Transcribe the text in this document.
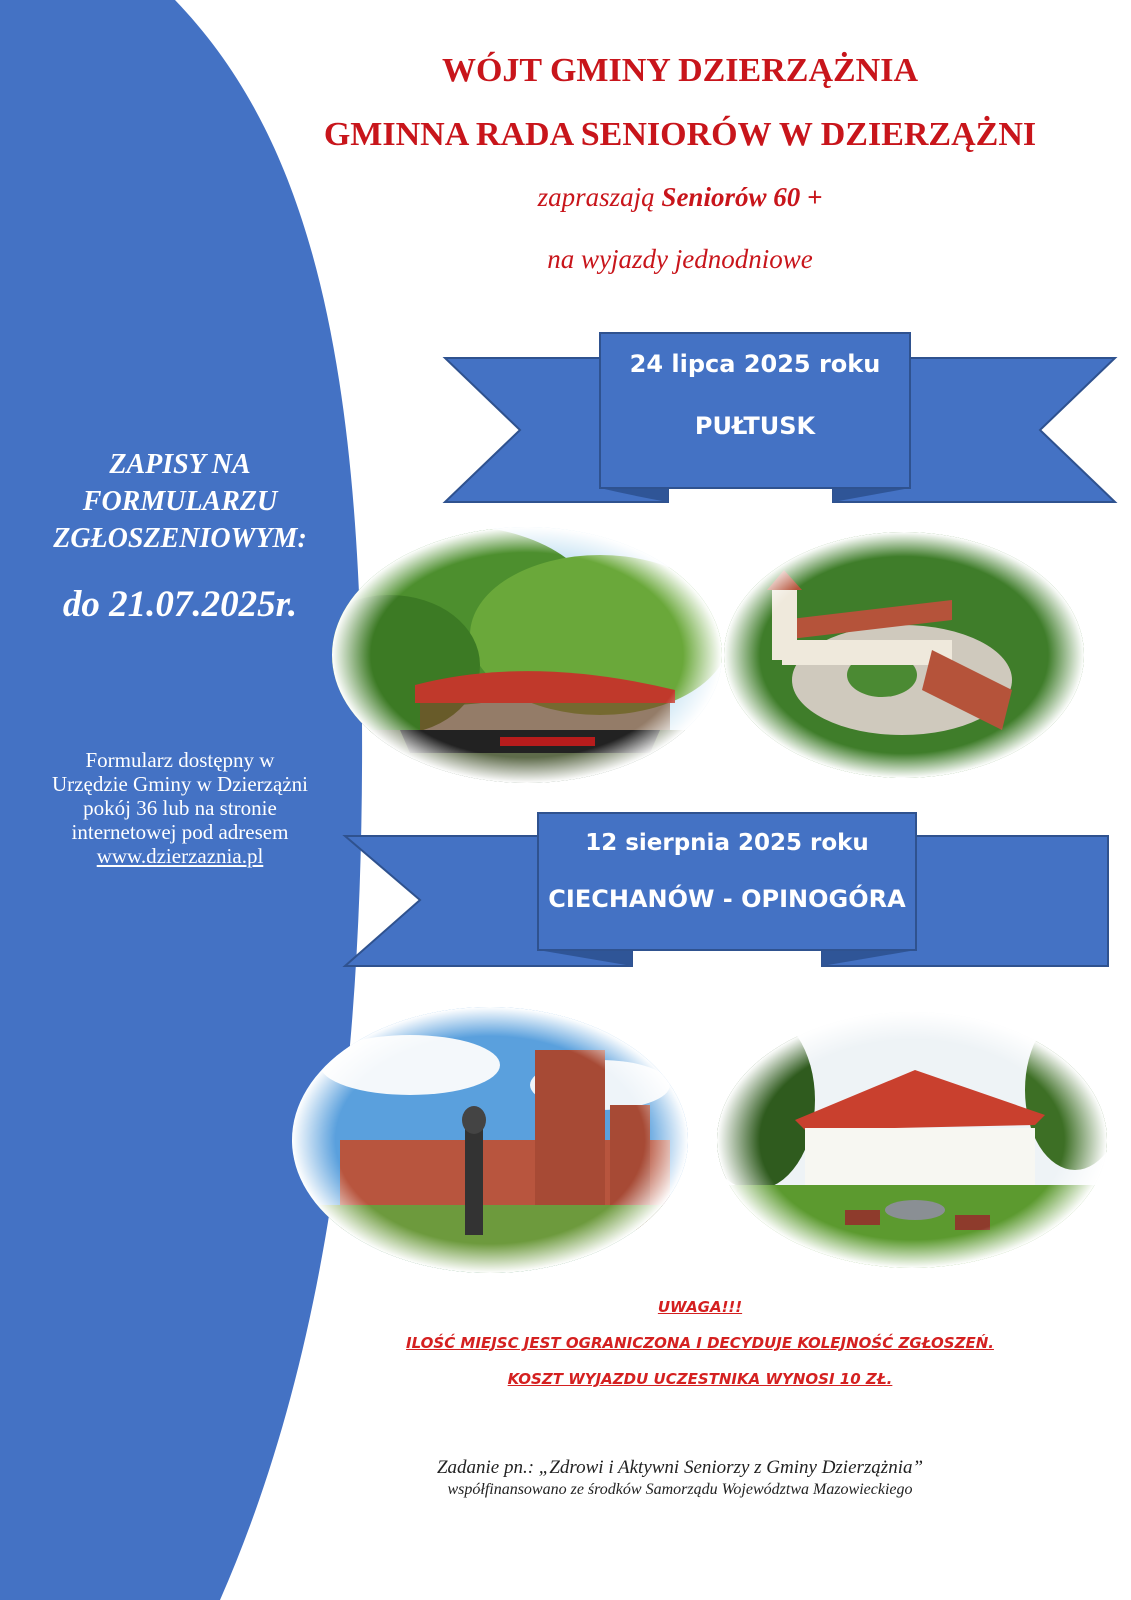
WÓJT GMINY DZIERZĄŻNIA
GMINNA RADA SENIORÓW W DZIERZĄŻNI
zapraszają Seniorów 60 +
na wyjazdy jednodniowe
24 lipca 2025 roku
PUŁTUSK
12 sierpnia 2025 roku
CIECHANÓW - OPINOGÓRA
ZAPISY NA
FORMULARZU
ZGŁOSZENIOWYM:
do 21.07.2025r.
Formularz dostępny w
Urzędzie Gminy w Dzierzążni
pokój 36 lub na stronie
internetowej pod adresem
www.dzierzaznia.pl
UWAGA!!!
ILOŚĆ MIEJSC JEST OGRANICZONA I DECYDUJE KOLEJNOŚĆ ZGŁOSZEŃ.
KOSZT WYJAZDU UCZESTNIKA WYNOSI 10 ZŁ.
Zadanie pn.: „Zdrowi i Aktywni Seniorzy z Gminy Dzierzążnia”
współfinansowano ze środków Samorządu Województwa Mazowieckiego
